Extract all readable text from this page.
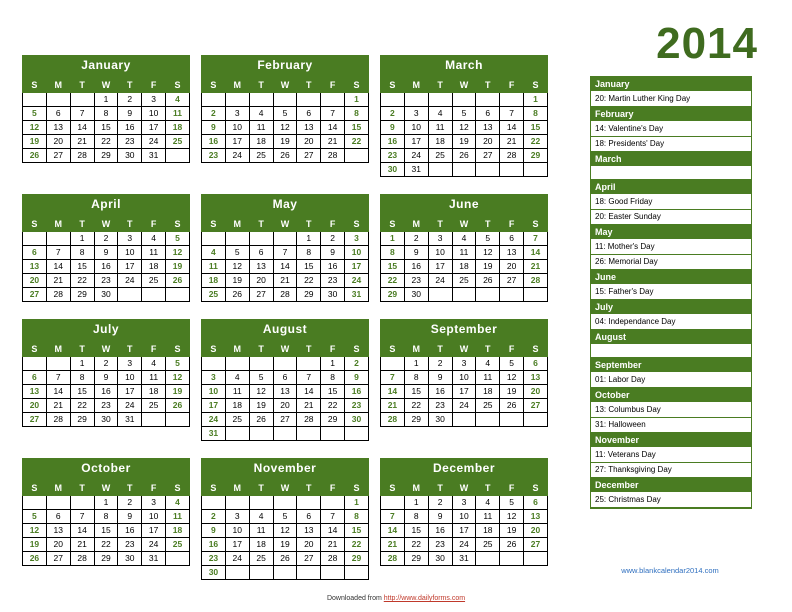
2014
January
S	M	T	W	T	F	S
			1	2	3	4
5	6	7	8	9	10	11
12	13	14	15	16	17	18
19	20	21	22	23	24	25
26	27	28	29	30	31	
February
S	M	T	W	T	F	S
						1
2	3	4	5	6	7	8
9	10	11	12	13	14	15
16	17	18	19	20	21	22
23	24	25	26	27	28	
March
S	M	T	W	T	F	S
						1
2	3	4	5	6	7	8
9	10	11	12	13	14	15
16	17	18	19	20	21	22
23	24	25	26	27	28	29
30	31					
April
S	M	T	W	T	F	S
		1	2	3	4	5
6	7	8	9	10	11	12
13	14	15	16	17	18	19
20	21	22	23	24	25	26
27	28	29	30			
May
S	M	T	W	T	F	S
				1	2	3
4	5	6	7	8	9	10
11	12	13	14	15	16	17
18	19	20	21	22	23	24
25	26	27	28	29	30	31
June
S	M	T	W	T	F	S
1	2	3	4	5	6	7
8	9	10	11	12	13	14
15	16	17	18	19	20	21
22	23	24	25	26	27	28
29	30					
July
S	M	T	W	T	F	S
		1	2	3	4	5
6	7	8	9	10	11	12
13	14	15	16	17	18	19
20	21	22	23	24	25	26
27	28	29	30	31		
August
S	M	T	W	T	F	S
					1	2
3	4	5	6	7	8	9
10	11	12	13	14	15	16
17	18	19	20	21	22	23
24	25	26	27	28	29	30
31						
September
S	M	T	W	T	F	S
	1	2	3	4	5	6
7	8	9	10	11	12	13
14	15	16	17	18	19	20
21	22	23	24	25	26	27
28	29	30				
October
S	M	T	W	T	F	S
			1	2	3	4
5	6	7	8	9	10	11
12	13	14	15	16	17	18
19	20	21	22	23	24	25
26	27	28	29	30	31	
November
S	M	T	W	T	F	S
						1
2	3	4	5	6	7	8
9	10	11	12	13	14	15
16	17	18	19	20	21	22
23	24	25	26	27	28	29
30						
December
S	M	T	W	T	F	S
	1	2	3	4	5	6
7	8	9	10	11	12	13
14	15	16	17	18	19	20
21	22	23	24	25	26	27
28	29	30	31			
January
20: Martin Luther King Day
February
14: Valentine's Day
18: Presidents' Day
March
April
18: Good Friday
20: Easter Sunday
May
11: Mother's Day
26: Memorial Day
June
15: Father's Day
July
04: Independance Day
August
September
01: Labor Day
October
13: Columbus Day
31: Halloween
November
11: Veterans Day
27: Thanksgiving Day
December
25: Christmas Day
www.blankcalendar2014.com
Downloaded from http://www.dailyforms.com
